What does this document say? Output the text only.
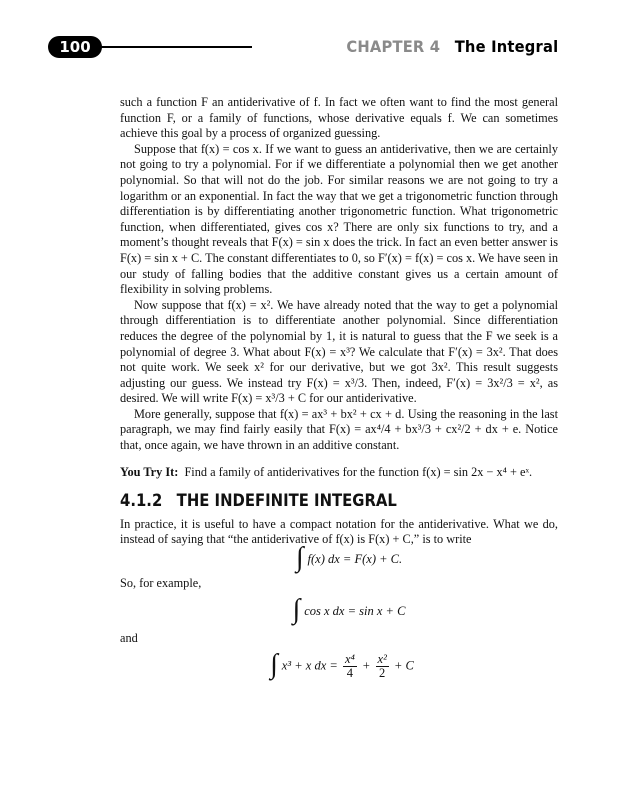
100	CHAPTER 4 The Integral

such a function F an antiderivative of f. In fact we often want to find the most general function F, or a family of functions, whose derivative equals f. We can sometimes achieve this goal by a process of organized guessing.

Suppose that f(x) = cos x. If we want to guess an antiderivative, then we are certainly not going to try a polynomial. For if we differentiate a polynomial then we get another polynomial. So that will not do the job. For similar reasons we are not going to try a logarithm or an exponential. In fact the way that we get a trigonometric function through differentiation is by differentiating another trigonometric function. What trigonometric function, when differentiated, gives cos x? There are only six functions to try, and a moment’s thought reveals that F(x) = sin x does the trick. In fact an even better answer is F(x) = sin x + C. The constant differentiates to 0, so F′(x) = f(x) = cos x. We have seen in our study of falling bodies that the additive constant gives us a certain amount of flexibility in solving problems.

Now suppose that f(x) = x². We have already noted that the way to get a polynomial through differentiation is to differentiate another polynomial. Since differentiation reduces the degree of the polynomial by 1, it is natural to guess that the F we seek is a polynomial of degree 3. What about F(x) = x³? We calculate that F′(x) = 3x². That does not quite work. We seek x² for our derivative, but we got 3x². This result suggests adjusting our guess. We instead try F(x) = x³/3. Then, indeed, F′(x) = 3x²/3 = x², as desired. We will write F(x) = x³/3 + C for our antiderivative.

More generally, suppose that f(x) = ax³ + bx² + cx + d. Using the reasoning in the last paragraph, we may find fairly easily that F(x) = ax⁴/4 + bx³/3 + cx²/2 + dx + e. Notice that, once again, we have thrown in an additive constant.

You Try It: Find a family of antiderivatives for the function f(x) = sin 2x − x⁴ + eˣ.

4.1.2 THE INDEFINITE INTEGRAL

In practice, it is useful to have a compact notation for the antiderivative. What we do, instead of saying that “the antiderivative of f(x) is F(x) + C,” is to write

∫ f(x) dx = F(x) + C.

So, for example,

∫ cos x dx = sin x + C

and

∫ x³ + x dx = $\frac{\text{x⁴}}{4} + \frac{\text{x²}}{2} + C$
